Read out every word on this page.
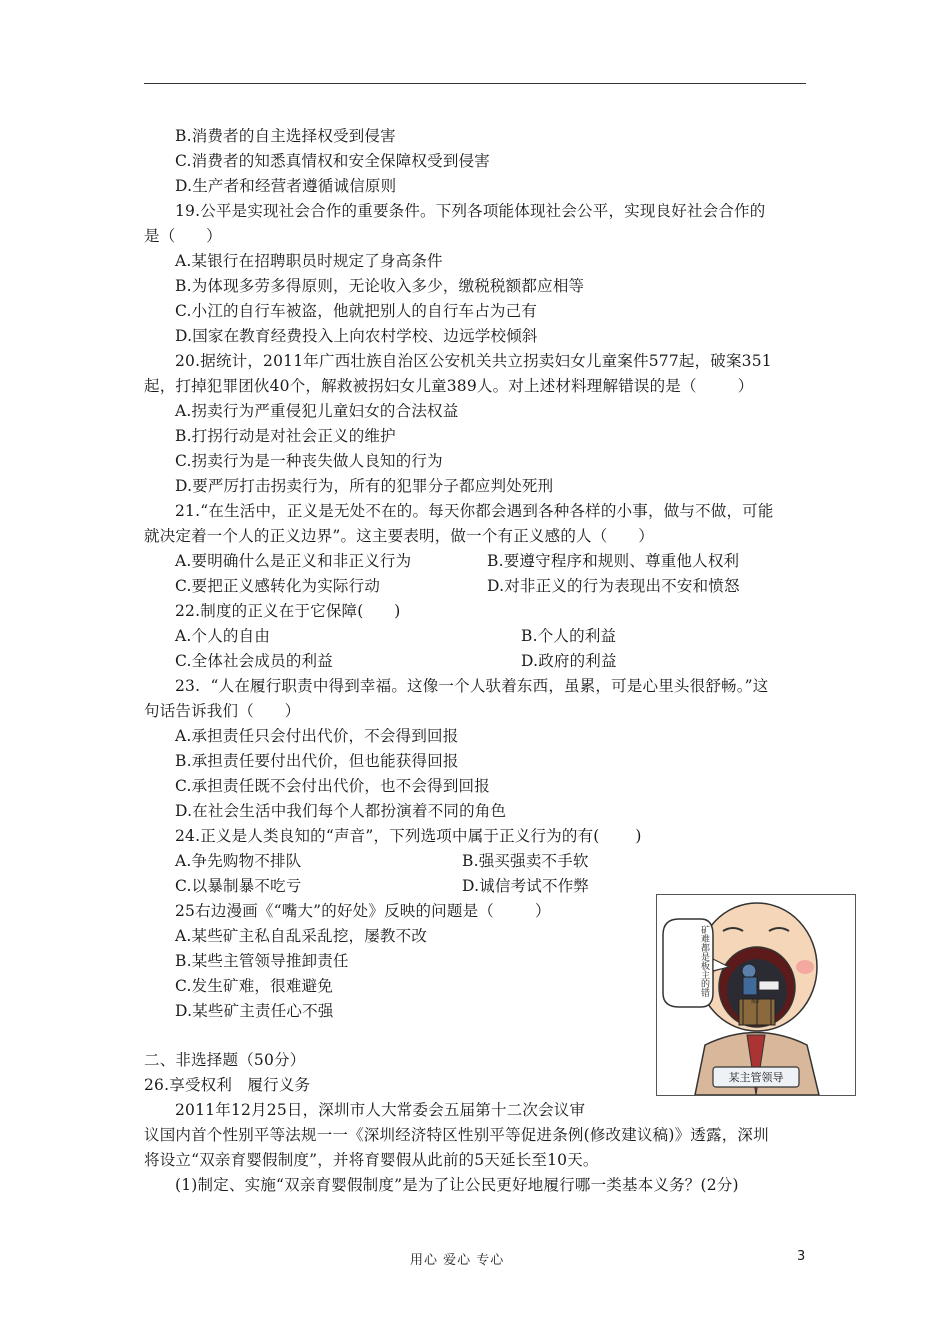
B.消费者的自主选择权受到侵害
C.消费者的知悉真情权和安全保障权受到侵害
D.生产者和经营者遵循诚信原则
19.公平是实现社会合作的重要条件。下列各项能体现社会公平，实现良好社会合作的
是（      ）
A.某银行在招聘职员时规定了身高条件
B.为体现多劳多得原则，无论收入多少，缴税税额都应相等
C.小江的自行车被盗，他就把别人的自行车占为己有
D.国家在教育经费投入上向农村学校、边远学校倾斜
20.据统计，2011年广西壮族自治区公安机关共立拐卖妇女儿童案件577起，破案351
起，打掉犯罪团伙40个，解救被拐妇女儿童389人。对上述材料理解错误的是（        ）
A.拐卖行为严重侵犯儿童妇女的合法权益
B.打拐行动是对社会正义的维护
C.拐卖行为是一种丧失做人良知的行为
D.要严厉打击拐卖行为，所有的犯罪分子都应判处死刑
21.“在生活中，正义是无处不在的。每天你都会遇到各种各样的小事，做与不做，可能
就决定着一个人的正义边界”。这主要表明，做一个有正义感的人（      ）
A.要明确什么是正义和非正义行为	B.要遵守程序和规则、尊重他人权利
C.要把正义感转化为实际行动	D.对非正义的行为表现出不安和愤怒
22.制度的正义在于它保障(      )
A.个人的自由	B.个人的利益
C.全体社会成员的利益	D.政府的利益
23.  “人在履行职责中得到幸福。这像一个人驮着东西，虽累，可是心里头很舒畅。”这
句话告诉我们（      ）
A.承担责任只会付出代价，不会得到回报
B.承担责任要付出代价，但也能获得回报
C.承担责任既不会付出代价，也不会得到回报
D.在社会生活中我们每个人都扮演着不同的角色
24.正义是人类良知的“声音”，下列选项中属于正义行为的有(       )
A.争先购物不排队	B.强买强卖不手软
C.以暴制暴不吃亏	D.诚信考试不作弊
25右边漫画《“嘴大”的好处》反映的问题是（        ）
A.某些矿主私自乱采乱挖，屡教不改
B.某些主管领导推卸责任
C.发生矿难，很难避免
D.某些矿主责任心不强
二、非选择题（50分）
26.享受权利   履行义务
2011年12月25日，深圳市人大常委会五届第十二次会议审
议国内首个性别平等法规一一《深圳经济特区性别平等促进条例(修改建议稿)》透露，深圳
将设立“双亲育婴假制度”，并将育婴假从此前的5天延长至10天。
(1)制定、实施“双亲育婴假制度”是为了让公民更好地履行哪一类基本义务？(2分)
煤矿
某主管领导
矿难都是板主的错
用心 爱心 专心	3
